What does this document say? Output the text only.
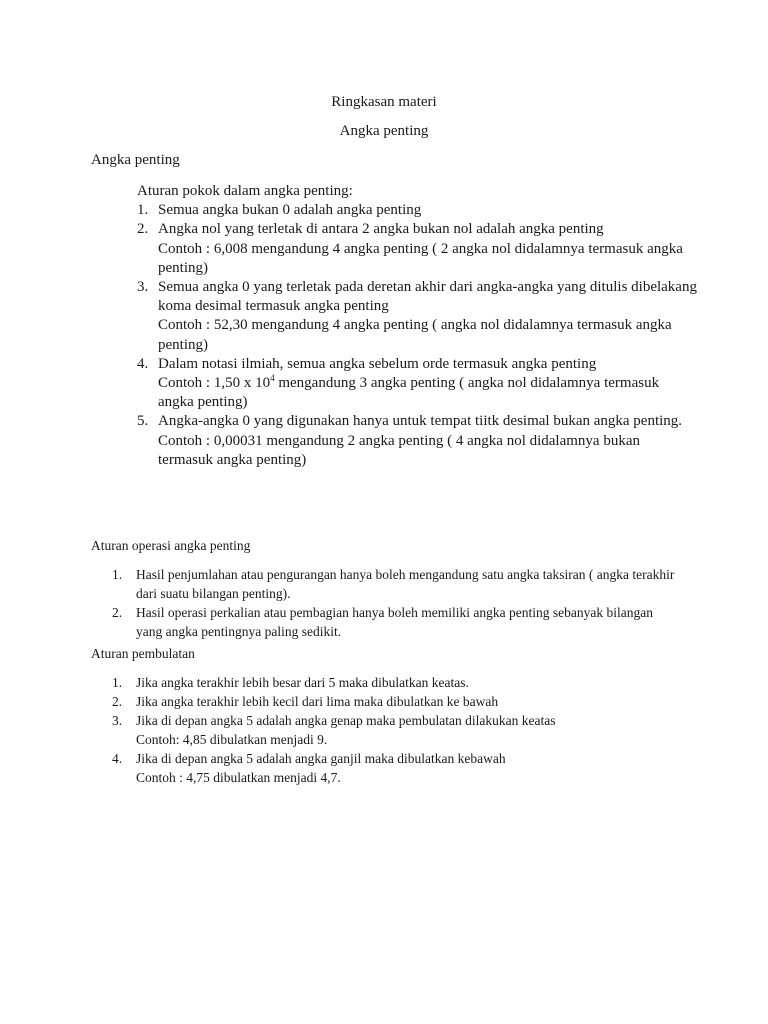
Ringkasan materi
Angka penting
Angka penting

Aturan pokok dalam angka penting:

1. Semua angka bukan 0 adalah angka penting
2. Angka nol yang terletak di antara 2 angka bukan nol adalah angka penting
Contoh : 6,008 mengandung 4 angka penting ( 2 angka nol didalamnya termasuk angka penting)
3. Semua angka 0 yang terletak pada deretan akhir dari angka-angka yang ditulis dibelakang koma desimal termasuk angka penting
Contoh : 52,30 mengandung 4 angka penting ( angka nol didalamnya termasuk angka penting)
4. Dalam notasi ilmiah, semua angka sebelum orde termasuk angka penting
Contoh : 1,50 x $10^4$ mengandung 3 angka penting ( angka nol didalamnya termasuk angka penting)
5. Angka-angka 0 yang digunakan hanya untuk tempat tiitk desimal bukan angka penting.
Contoh : 0,00031 mengandung 2 angka penting ( 4 angka nol didalamnya bukan termasuk angka penting)
Aturan operasi angka penting
1.	Hasil penjumlahan atau pengurangan hanya boleh mengandung satu angka taksiran ( angka terakhir dari suatu bilangan penting).
2.	Hasil operasi perkalian atau pembagian hanya boleh memiliki angka penting sebanyak bilangan yang angka pentingnya paling sedikit.
Aturan pembulatan
1.	Jika angka terakhir lebih besar dari 5 maka dibulatkan keatas.
2.	Jika angka terakhir lebih kecil dari lima maka dibulatkan ke bawah
3.	Jika di depan angka 5 adalah angka genap maka pembulatan dilakukan keatas
Contoh: 4,85 dibulatkan menjadi 9.
4.	Jika di depan angka 5 adalah angka ganjil maka dibulatkan kebawah
Contoh : 4,75 dibulatkan menjadi 4,7.
